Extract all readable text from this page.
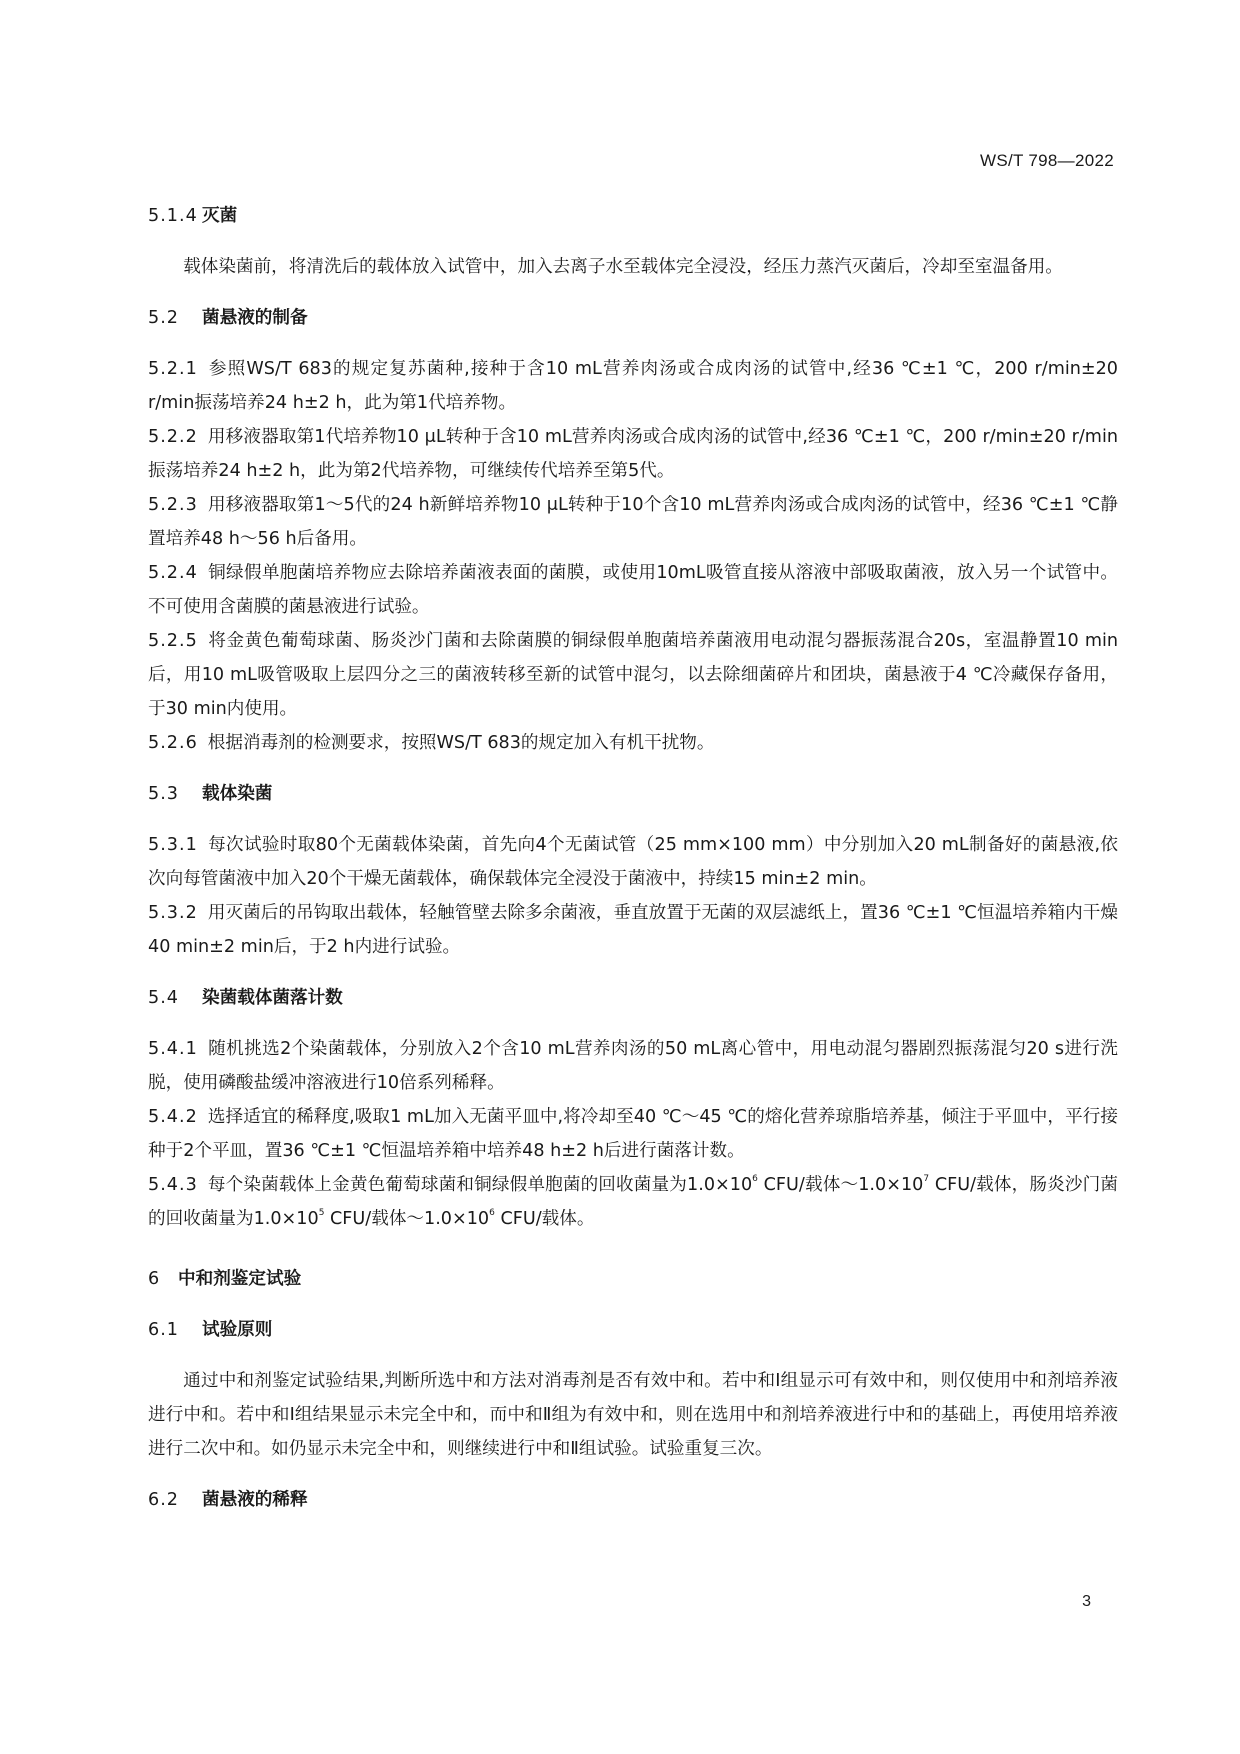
WS/T 798—2022

5.1.4 灭菌

载体染菌前，将清洗后的载体放入试管中，加入去离子水至载体完全浸没，经压力蒸汽灭菌后，冷却至室温备用。

5.2 菌悬液的制备

5.2.1 参照WS/T 683的规定复苏菌种,接种于含10 mL营养肉汤或合成肉汤的试管中,经36 ℃±1 ℃，200 r/min±20 r/min振荡培养24 h±2 h，此为第1代培养物。

5.2.2 用移液器取第1代培养物10 μL转种于含10 mL营养肉汤或合成肉汤的试管中,经36 ℃±1 ℃，200 r/min±20 r/min振荡培养24 h±2 h，此为第2代培养物，可继续传代培养至第5代。

5.2.3 用移液器取第1～5代的24 h新鲜培养物10 μL转种于10个含10 mL营养肉汤或合成肉汤的试管中，经36 ℃±1 ℃静置培养48 h～56 h后备用。

5.2.4 铜绿假单胞菌培养物应去除培养菌液表面的菌膜，或使用10mL吸管直接从溶液中部吸取菌液，放入另一个试管中。不可使用含菌膜的菌悬液进行试验。

5.2.5 将金黄色葡萄球菌、肠炎沙门菌和去除菌膜的铜绿假单胞菌培养菌液用电动混匀器振荡混合20s，室温静置10 min后，用10 mL吸管吸取上层四分之三的菌液转移至新的试管中混匀，以去除细菌碎片和团块，菌悬液于4 ℃冷藏保存备用，于30 min内使用。

5.2.6 根据消毒剂的检测要求，按照WS/T 683的规定加入有机干扰物。

5.3 载体染菌

5.3.1 每次试验时取80个无菌载体染菌，首先向4个无菌试管（25 mm×100 mm）中分别加入20 mL制备好的菌悬液,依次向每管菌液中加入20个干燥无菌载体，确保载体完全浸没于菌液中，持续15 min±2 min。

5.3.2 用灭菌后的吊钩取出载体，轻触管壁去除多余菌液，垂直放置于无菌的双层滤纸上，置36 ℃±1 ℃恒温培养箱内干燥40 min±2 min后，于2 h内进行试验。

5.4 染菌载体菌落计数

5.4.1 随机挑选2个染菌载体，分别放入2个含10 mL营养肉汤的50 mL离心管中，用电动混匀器剧烈振荡混匀20 s进行洗脱，使用磷酸盐缓冲溶液进行10倍系列稀释。

5.4.2 选择适宜的稀释度,吸取1 mL加入无菌平皿中,将冷却至40 ℃～45 ℃的熔化营养琼脂培养基，倾注于平皿中，平行接种于2个平皿，置36 ℃±1 ℃恒温培养箱中培养48 h±2 h后进行菌落计数。

5.4.3 每个染菌载体上金黄色葡萄球菌和铜绿假单胞菌的回收菌量为$1.0\times 10^6$ CFU/载体$\sim 1.0\times 10^7$ CFU/载体，肠炎沙门菌的回收菌量为$1.0\times 10^5$ CFU/载体$\sim 1.0\times 10^6$ CFU/载体。

6 中和剂鉴定试验

6.1 试验原则

通过中和剂鉴定试验结果,判断所选中和方法对消毒剂是否有效中和。若中和Ⅰ组显示可有效中和，则仅使用中和剂培养液进行中和。若中和Ⅰ组结果显示未完全中和，而中和Ⅱ组为有效中和，则在选用中和剂培养液进行中和的基础上，再使用培养液进行二次中和。如仍显示未完全中和，则继续进行中和Ⅱ组试验。试验重复三次。

6.2 菌悬液的稀释

3
